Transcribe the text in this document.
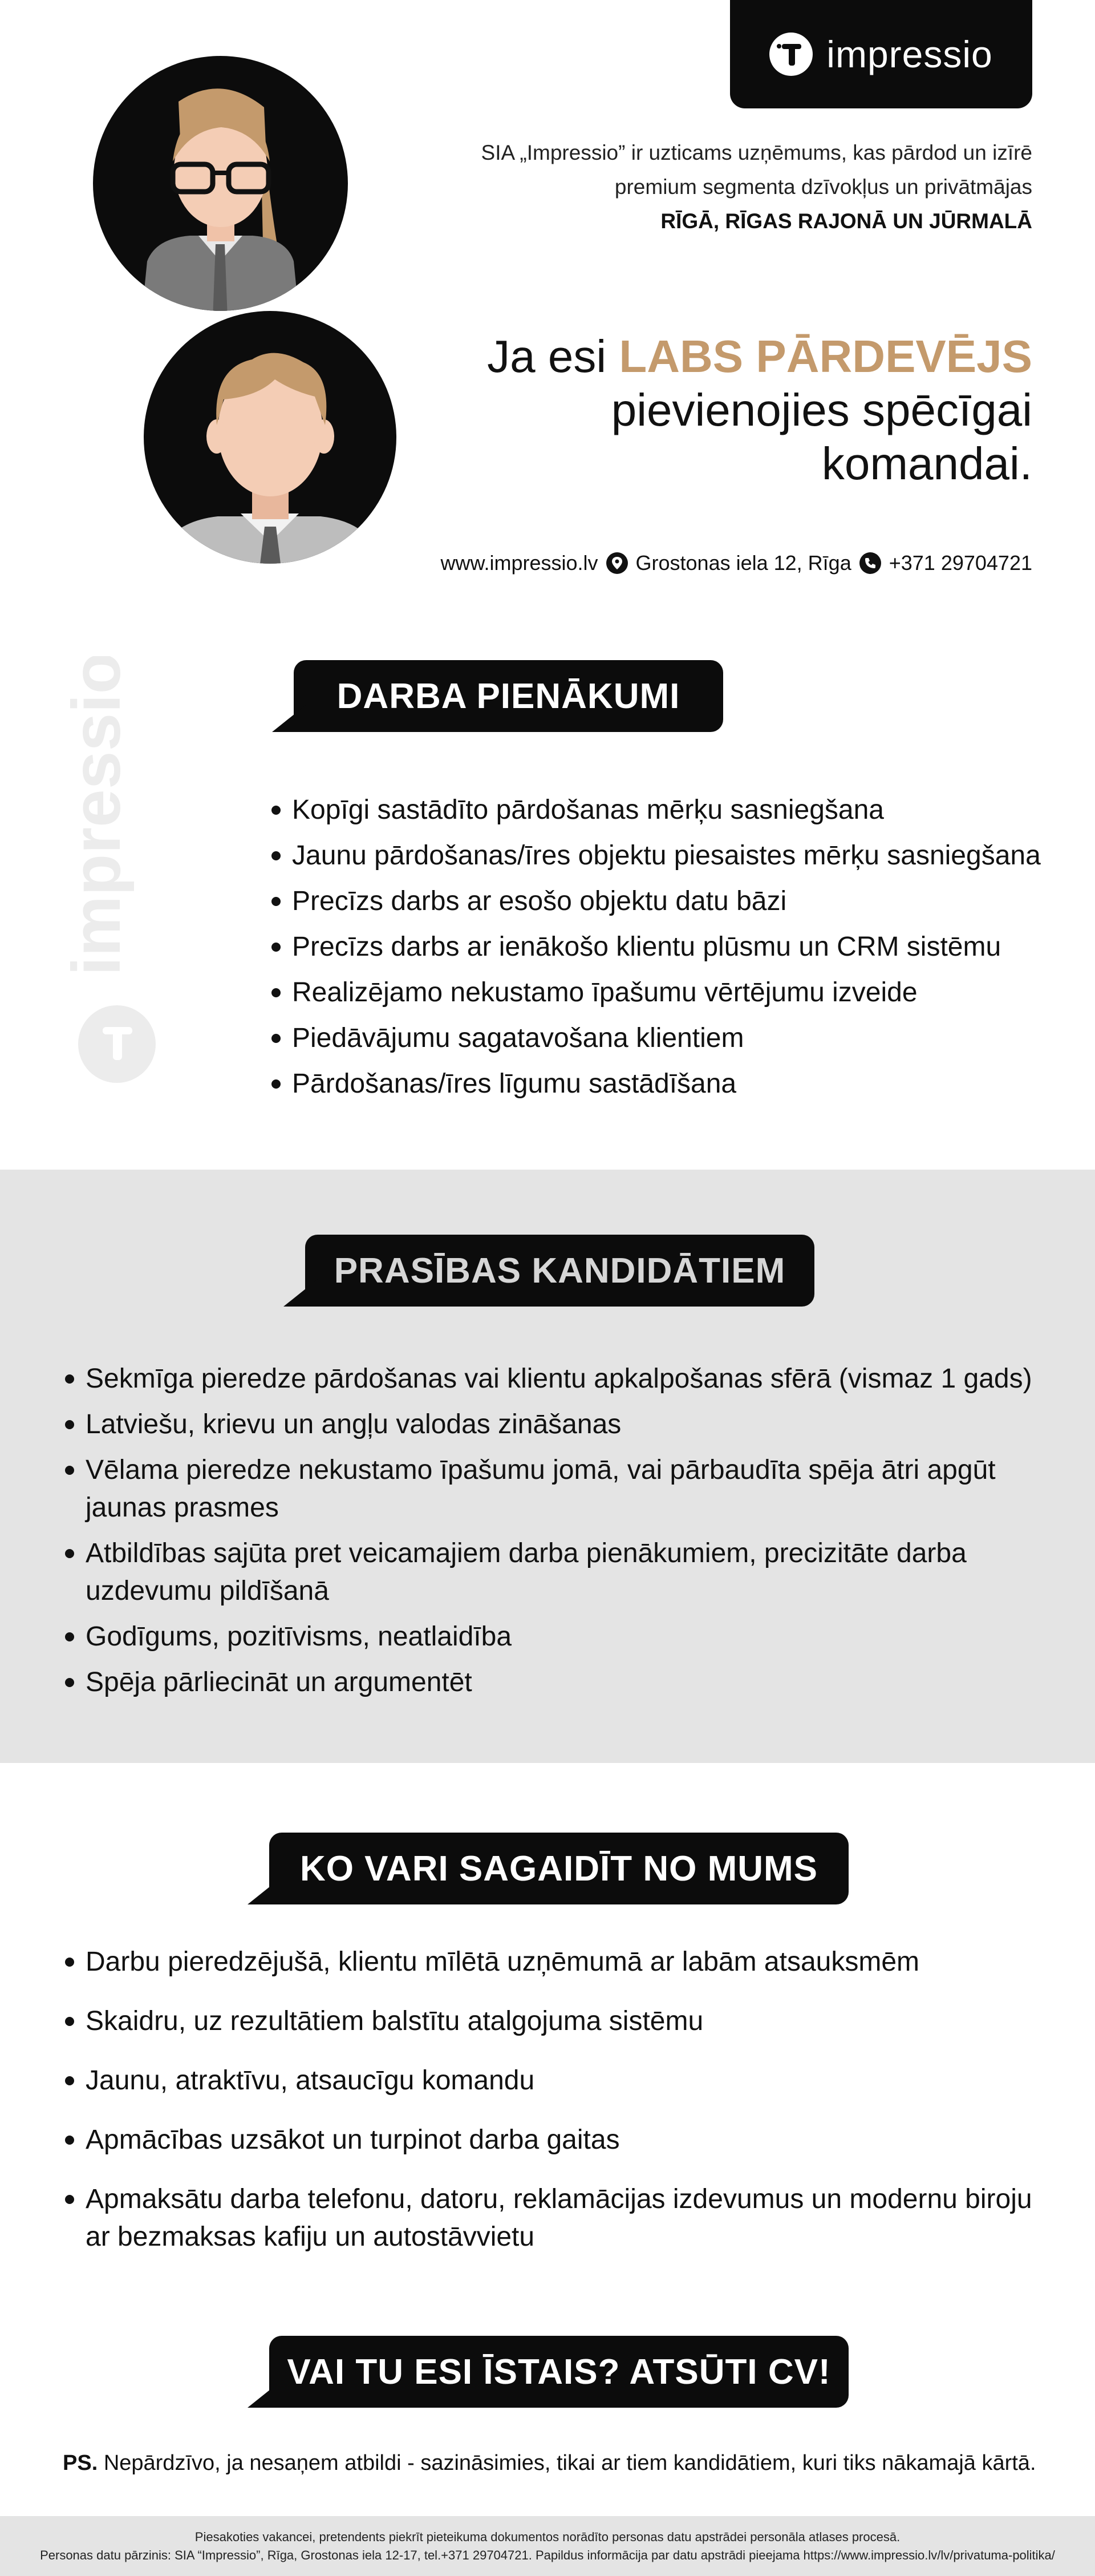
impressio
SIA „Impressio” ir uzticams uzņēmums, kas pārdod un izīrē
premium segmenta dzīvokļus un privātmājas
RĪGĀ, RĪGAS RAJONĀ UN JŪRMALĀ
Ja esi LABS PĀRDEVĒJS
pievienojies spēcīgai
komandai.
www.impressio.lv Grostonas iela 12, Rīga +371 29704721
impressio	DARBA PIENĀKUMI
Kopīgi sastādīto pārdošanas mērķu sasniegšana
Jaunu pārdošanas/īres objektu piesaistes mērķu sasniegšana
Precīzs darbs ar esošo objektu datu bāzi
Precīzs darbs ar ienākošo klientu plūsmu un CRM sistēmu
Realizējamo nekustamo īpašumu vērtējumu izveide
Piedāvājumu sagatavošana klientiem
Pārdošanas/īres līgumu sastādīšana
PRASĪBAS KANDIDĀTIEM
Sekmīga pieredze pārdošanas vai klientu apkalpošanas sfērā (vismaz 1 gads)
Latviešu, krievu un angļu valodas zināšanas
Vēlama pieredze nekustamo īpašumu jomā, vai pārbaudīta spēja ātri apgūt jaunas prasmes
Atbildības sajūta pret veicamajiem darba pienākumiem, precizitāte darba uzdevumu pildīšanā
Godīgums, pozitīvisms, neatlaidība
Spēja pārliecināt un argumentēt
KO VARI SAGAIDĪT NO MUMS
Darbu pieredzējušā, klientu mīlētā uzņēmumā ar labām atsauksmēm
Skaidru, uz rezultātiem balstītu atalgojuma sistēmu
Jaunu, atraktīvu, atsaucīgu komandu
Apmācības uzsākot un turpinot darba gaitas
Apmaksātu darba telefonu, datoru, reklamācijas izdevumus un modernu biroju ar bezmaksas kafiju un autostāvvietu
VAI TU ESI ĪSTAIS? ATSŪTI CV!
PS. Nepārdzīvo, ja nesaņem atbildi - sazināsimies, tikai ar tiem kandidātiem, kuri tiks nākamajā kārtā.
Piesakoties vakancei, pretendents piekrīt pieteikuma dokumentos norādīto personas datu apstrādei personāla atlases procesā.
Personas datu pārzinis: SIA “Impressio”, Rīga, Grostonas iela 12-17, tel.+371 29704721. Papildus informācija par datu apstrādi pieejama https://www.impressio.lv/lv/privatuma-politika/
